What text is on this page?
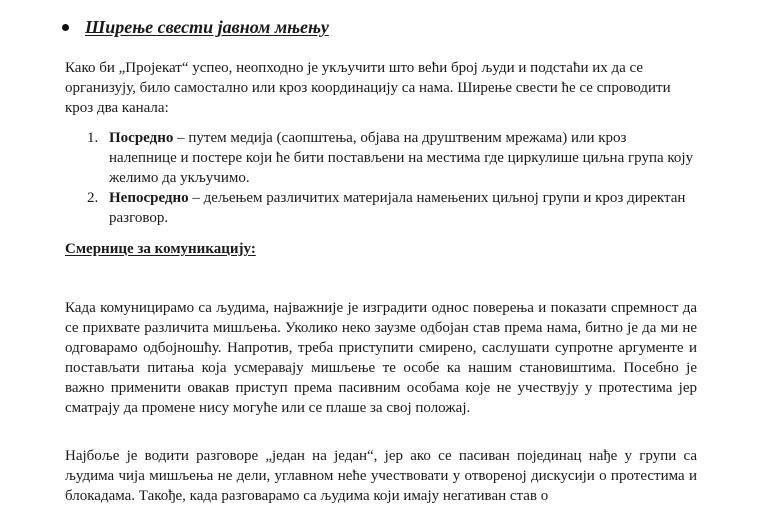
Ширење свести јавном мњењу

Како би „Пројекат“ успео, неопходно је укључити што већи број људи и подстаћи их да се организују, било самостално или кроз координацију са нама. Ширење свести ће се спроводити кроз два канала:

1. Посредно – путем медија (саопштења, објава на друштвеним мрежама) или кроз налепнице и постере који ће бити постављени на местима где циркулише циљна група коју желимо да укључимо.
2. Непосредно – дељењем различитих материјала намењених циљној групи и кроз директан разговор.
Смернице за комуникацију:

Када комуницирамо са људима, најважније је изградити однос поверења и показати спремност да се прихвате различита мишљења. Уколико неко заузме одбојан став према нама, битно је да ми не одговарамо одбојношћу. Напротив, треба приступити смирено, саслушати супротне аргументе и постављати питања која усмеравају мишљење те особе ка нашим становиштима. Посебно је важно применити овакав приступ према пасивним особама које не учествују у протестима јер сматрају да промене нису могуће или се плаше за свој положај.

Најбоље је водити разговоре „један на један“, јер ако се пасиван појединац нађе у групи са људима чија мишљења не дели, углавном неће учествовати у отвореној дискусији о протестима и блокадама. Такође, када разговарамо са људима који имају негативан став о
